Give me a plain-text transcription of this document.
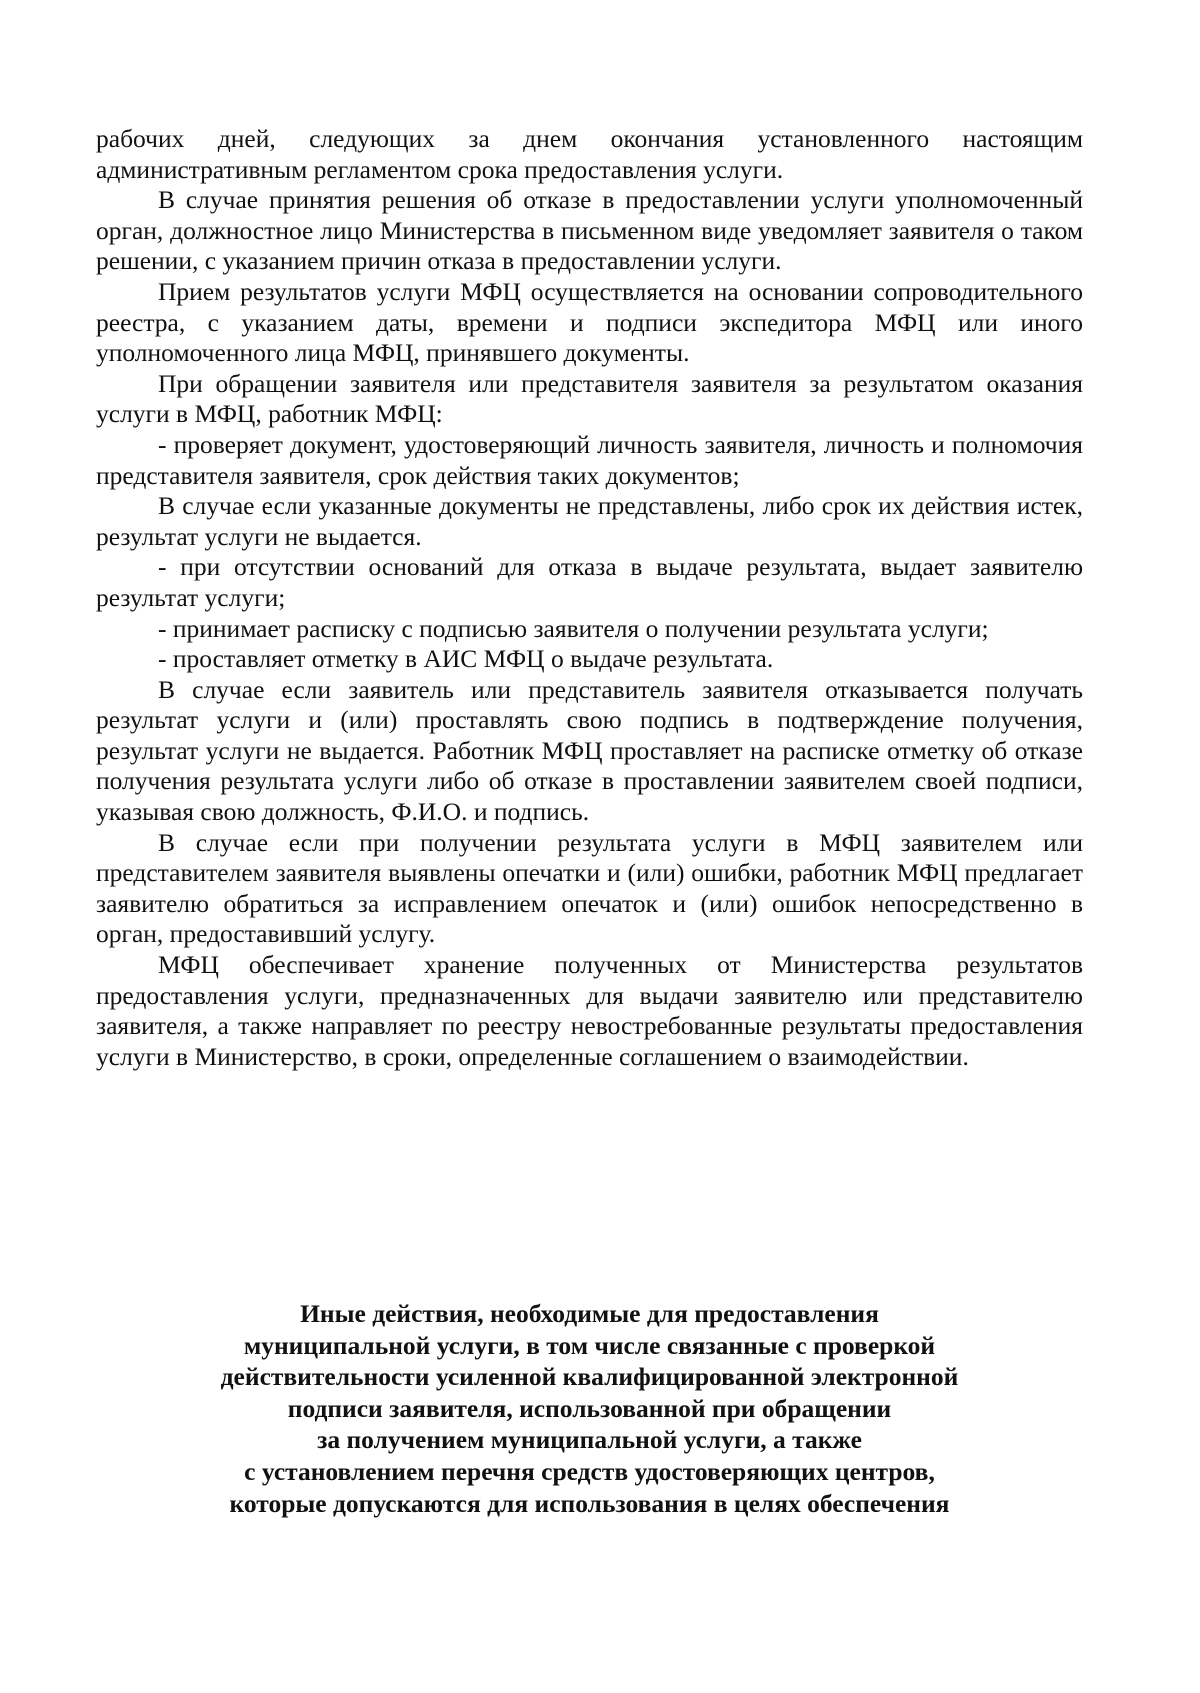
рабочих дней, следующих за днем окончания установленного настоящим административным регламентом срока предоставления услуги.

В случае принятия решения об отказе в предоставлении услуги уполномоченный орган, должностное лицо Министерства в письменном виде уведомляет заявителя о таком решении, с указанием причин отказа в предоставлении услуги.

Прием результатов услуги МФЦ осуществляется на основании сопроводительного реестра, с указанием даты, времени и подписи экспедитора МФЦ или иного уполномоченного лица МФЦ, принявшего документы.

При обращении заявителя или представителя заявителя за результатом оказания услуги в МФЦ, работник МФЦ:

- проверяет документ, удостоверяющий личность заявителя, личность и полномочия представителя заявителя, срок действия таких документов;

В случае если указанные документы не представлены, либо срок их действия истек, результат услуги не выдается.

- при отсутствии оснований для отказа в выдаче результата, выдает заявителю результат услуги;

- принимает расписку с подписью заявителя о получении результата услуги;

- проставляет отметку в АИС МФЦ о выдаче результата.

В случае если заявитель или представитель заявителя отказывается получать результат услуги и (или) проставлять свою подпись в подтверждение получения, результат услуги не выдается. Работник МФЦ проставляет на расписке отметку об отказе получения результата услуги либо об отказе в проставлении заявителем своей подписи, указывая свою должность, Ф.И.О. и подпись.

В случае если при получении результата услуги в МФЦ заявителем или представителем заявителя выявлены опечатки и (или) ошибки, работник МФЦ предлагает заявителю обратиться за исправлением опечаток и (или) ошибок непосредственно в орган, предоставивший услугу.

МФЦ обеспечивает хранение полученных от Министерства результатов предоставления услуги, предназначенных для выдачи заявителю или представителю заявителя, а также направляет по реестру невостребованные результаты предоставления услуги в Министерство, в сроки, определенные соглашением о взаимодействии.

Иные действия, необходимые для предоставления
муниципальной услуги, в том числе связанные с проверкой
действительности усиленной квалифицированной электронной
подписи заявителя, использованной при обращении
за получением муниципальной услуги, а также
с установлением перечня средств удостоверяющих центров,
которые допускаются для использования в целях обеспечения
